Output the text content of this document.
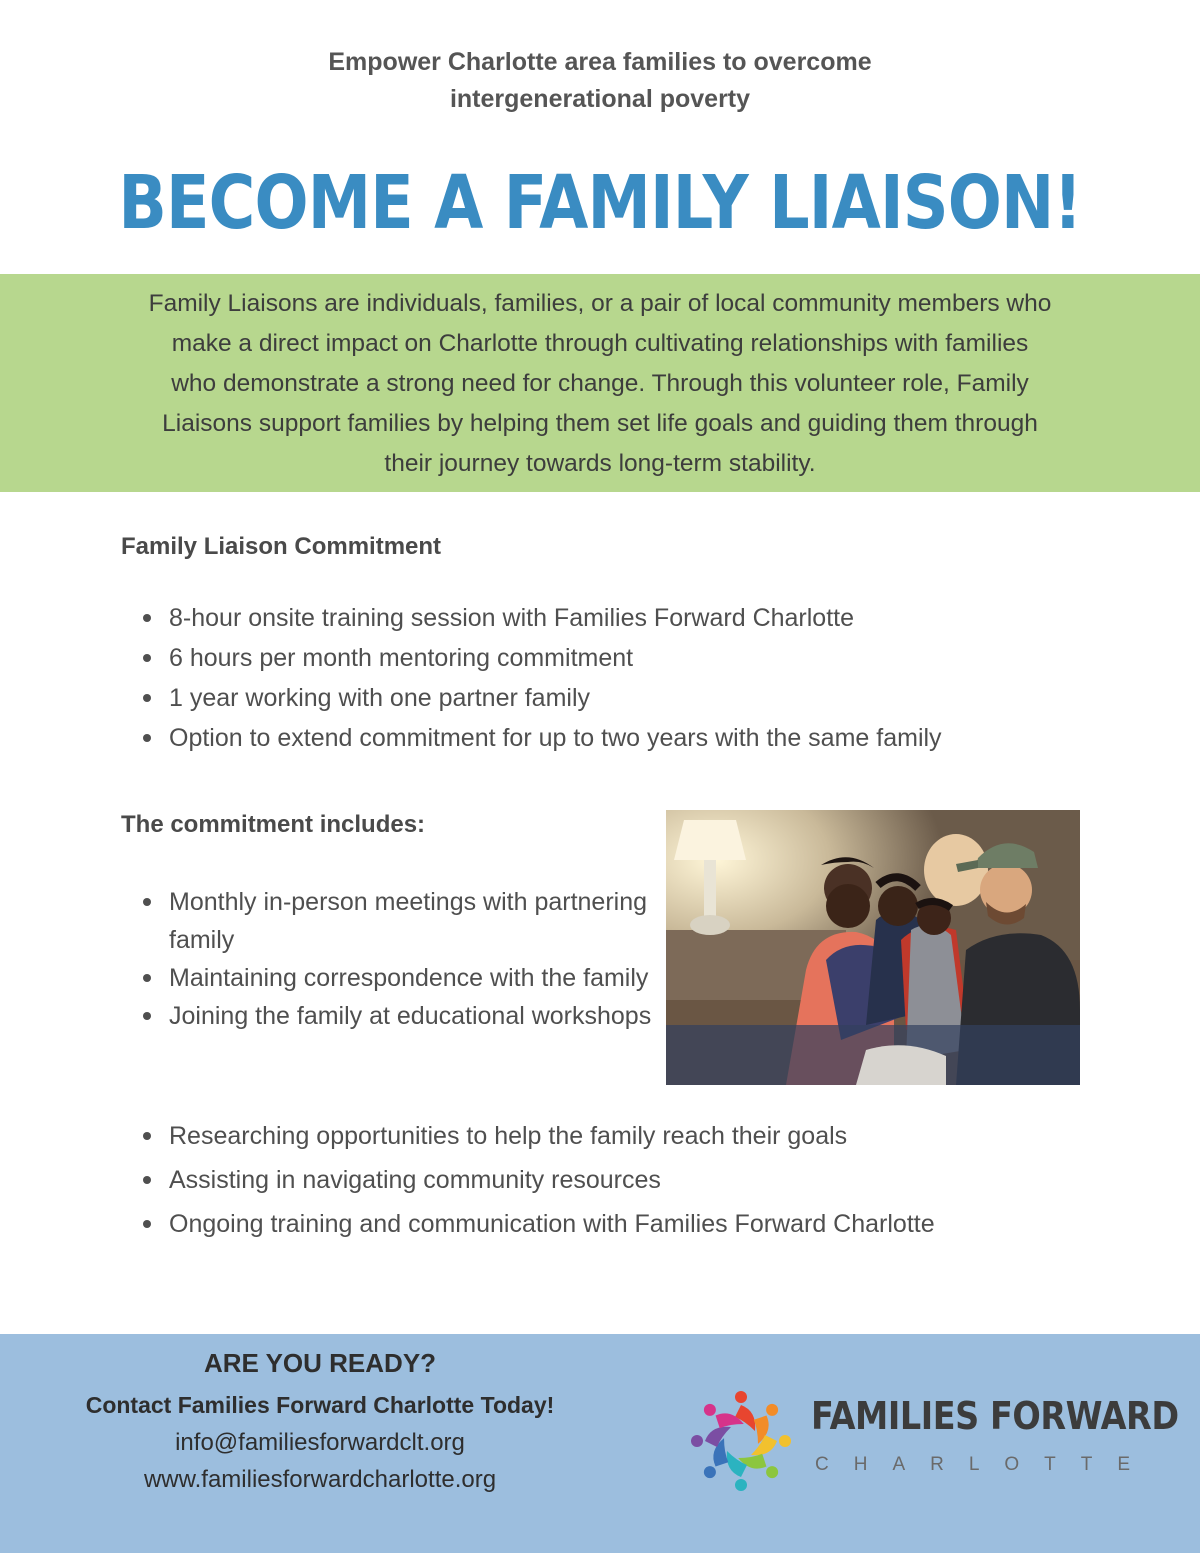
Empower Charlotte area families to overcome
intergenerational poverty
BECOME A FAMILY LIAISON!
Family Liaisons are individuals, families, or a pair of local community members who
make a direct impact on Charlotte through cultivating relationships with families
who demonstrate a strong need for change. Through this volunteer role, Family
Liaisons support families by helping them set life goals and guiding them through
their journey towards long-term stability.
Family Liaison Commitment
8-hour onsite training session with Families Forward Charlotte
6 hours per month mentoring commitment
1 year working with one partner family
Option to extend commitment for up to two years with the same family
The commitment includes:
Monthly in-person meetings with partnering family
Maintaining correspondence with the family
Joining the family at educational workshops
Researching opportunities to help the family reach their goals
Assisting in navigating community resources
Ongoing training and communication with Families Forward Charlotte
ARE YOU READY?
Contact Families Forward Charlotte Today!
info@familiesforwardclt.org
www.familiesforwardcharlotte.org
FAMILIES FORWARD
CHARLOTTE
